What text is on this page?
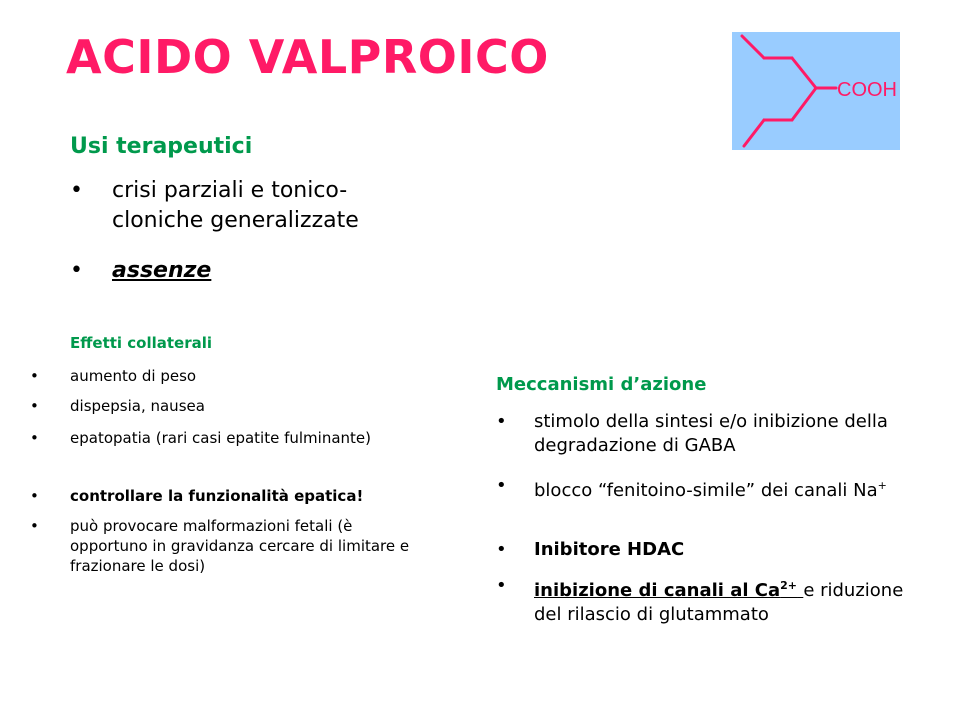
ACIDO VALPROICO
COOH
Usi terapeutici
• crisi parziali e tonico-cloniche generalizzate
• assenze
Effetti collaterali
• aumento di peso
• dispepsia, nausea
• epatopatia (rari casi epatite fulminante)
• controllare la funzionalità epatica!
• può provocare malformazioni fetali (è opportuno in gravidanza cercare di limitare e frazionare le dosi)
Meccanismi d’azione
• stimolo della sintesi e/o inibizione della degradazione di GABA
• blocco “fenitoino-simile” dei canali Na+
• Inibitore HDAC
• inibizione di canali al $Ca^{2+}$ e riduzione del rilascio di glutammato
